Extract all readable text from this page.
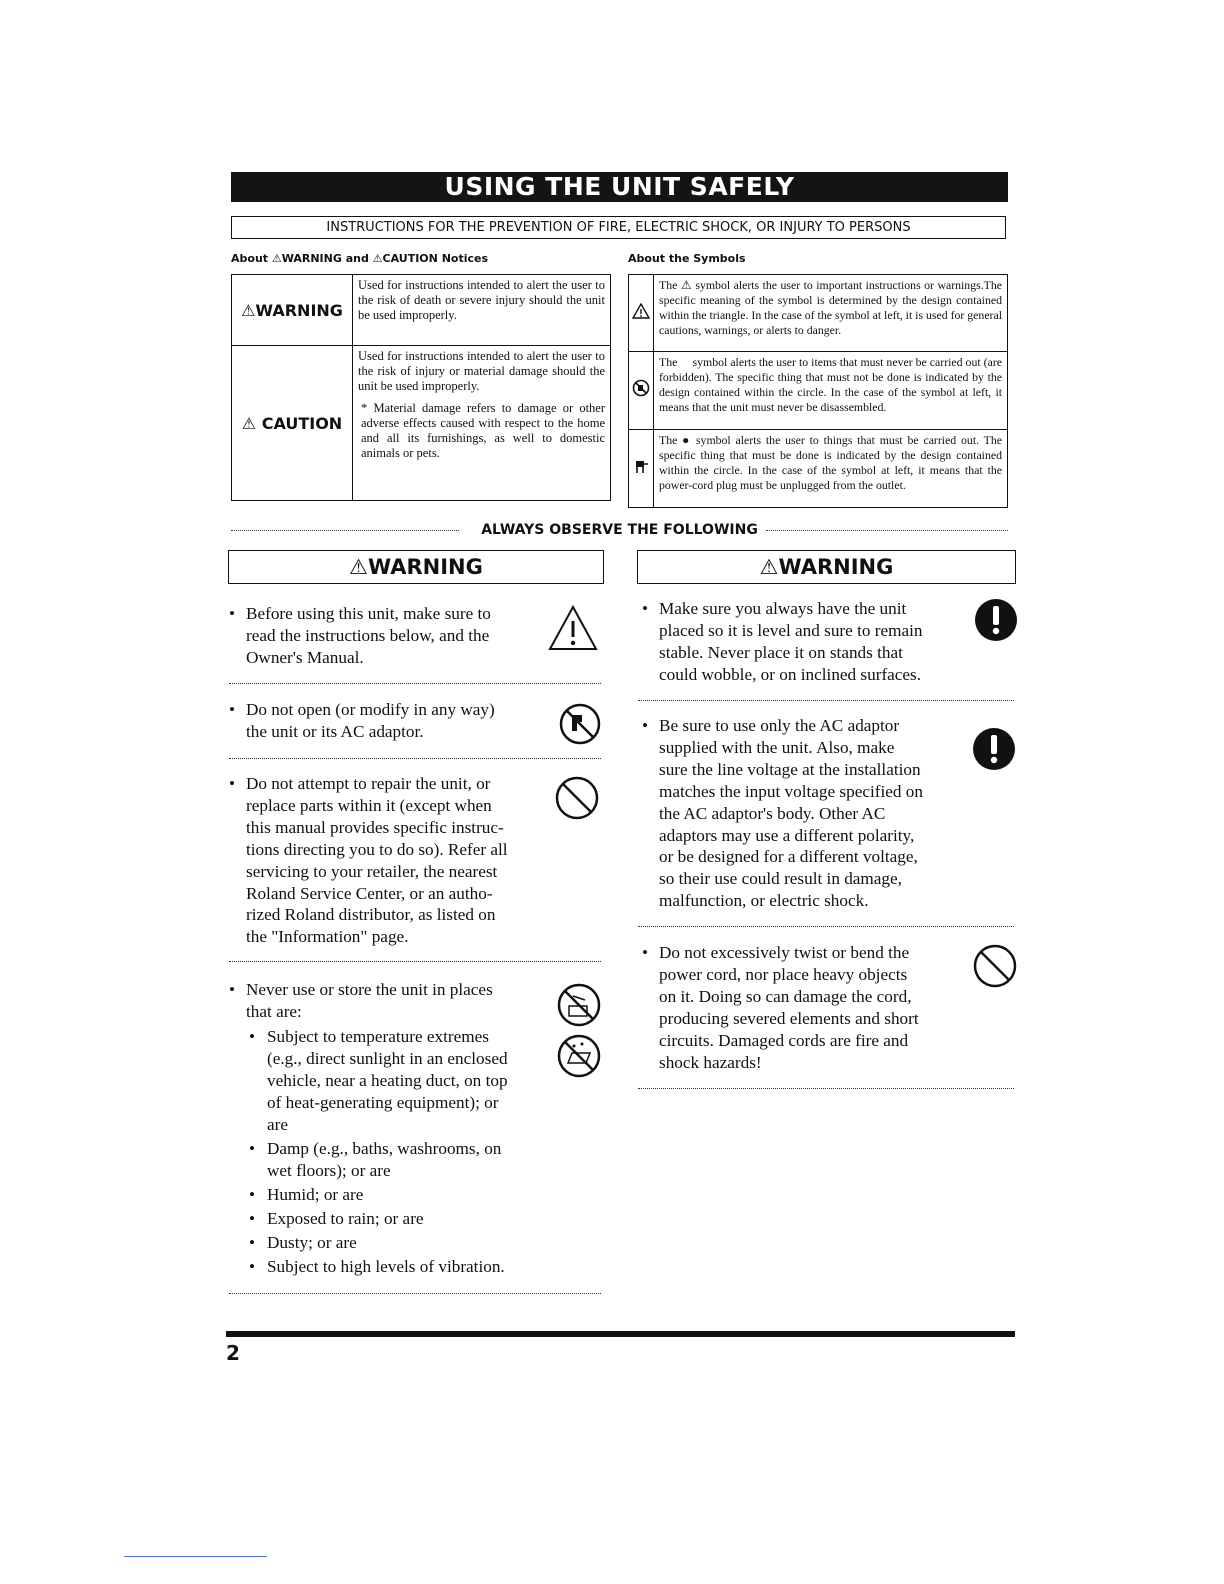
USING THE UNIT SAFELY
INSTRUCTIONS FOR THE PREVENTION OF FIRE, ELECTRIC SHOCK, OR INJURY TO PERSONS
About ⚠WARNING and ⚠CAUTION Notices
⚠WARNING	Used for instructions intended to alert the user to the risk of death or severe injury should the unit be used improperly.
⚠ CAUTION	Used for instructions intended to alert the user to the risk of injury or material damage should the unit be used improperly.
* Material damage refers to damage or other adverse effects caused with respect to the home and all its furnishings, as well to domestic animals or pets.
About the Symbols
	The ⚠ symbol alerts the user to important instructions or warnings.The specific meaning of the symbol is determined by the design contained within the triangle. In the case of the symbol at left, it is used for general cautions, warnings, or alerts to danger.
	The ⃠ symbol alerts the user to items that must never be carried out (are forbidden). The specific thing that must not be done is indicated by the design contained within the circle. In the case of the symbol at left, it means that the unit must never be disassembled.
	The ● symbol alerts the user to things that must be carried out. The specific thing that must be done is indicated by the design contained within the circle. In the case of the symbol at left, it means that the power-cord plug must be unplugged from the outlet.
ALWAYS OBSERVE THE FOLLOWING
⚠WARNING	⚠WARNING
• Before using this unit, make sure to
read the instructions below, and the
Owner's Manual.
• Do not open (or modify in any way)
the unit or its AC adaptor.
• Do not attempt to repair the unit, or
replace parts within it (except when
this manual provides specific instruc-
tions directing you to do so). Refer all
servicing to your retailer, the nearest
Roland Service Center, or an autho-
rized Roland distributor, as listed on
the "Information" page.
• Never use or store the unit in places
that are:
• Subject to temperature extremes
(e.g., direct sunlight in an enclosed
vehicle, near a heating duct, on top
of heat-generating equipment); or
are
• Damp (e.g., baths, washrooms, on
wet floors); or are
• Humid; or are
• Exposed to rain; or are
• Dusty; or are
• Subject to high levels of vibration.
• Make sure you always have the unit
placed so it is level and sure to remain
stable. Never place it on stands that
could wobble, or on inclined surfaces.
• Be sure to use only the AC adaptor
supplied with the unit. Also, make
sure the line voltage at the installation
matches the input voltage specified on
the AC adaptor's body. Other AC
adaptors may use a different polarity,
or be designed for a different voltage,
so their use could result in damage,
malfunction, or electric shock.
• Do not excessively twist or bend the
power cord, nor place heavy objects
on it. Doing so can damage the cord,
producing severed elements and short
circuits. Damaged cords are fire and
shock hazards!
2
